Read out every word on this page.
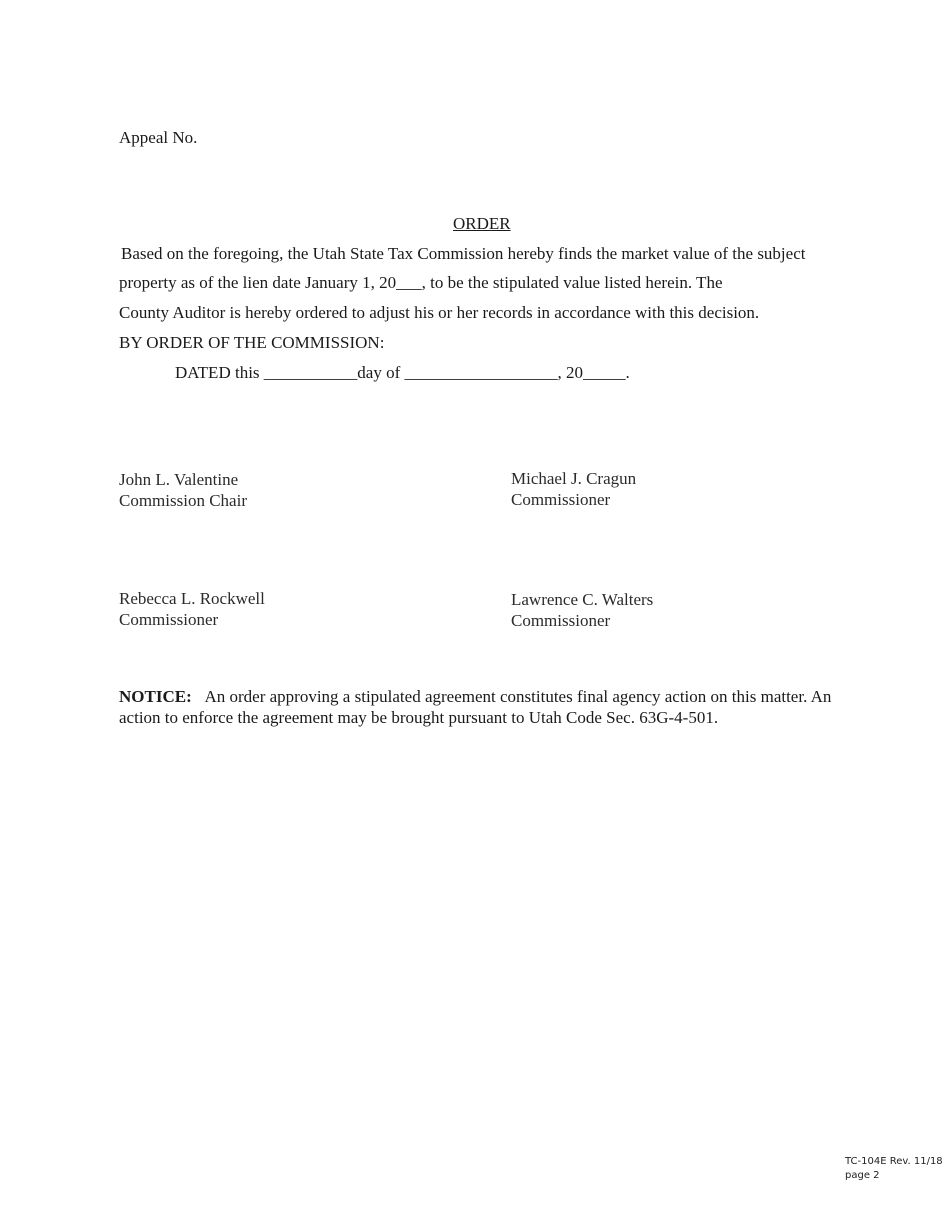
Appeal No.
ORDER
Based on the foregoing, the Utah State Tax Commission hereby finds the market value of the subject
property as of the lien date January 1, 20___, to be the stipulated value listed herein. The
County Auditor is hereby ordered to adjust his or her records in accordance with this decision.
BY ORDER OF THE COMMISSION:
DATED this ___________day of __________________, 20_____.
John L. Valentine
Commission Chair
Michael J. Cragun
Commissioner
Rebecca L. Rockwell
Commissioner
Lawrence C. Walters
Commissioner
NOTICE: An order approving a stipulated agreement constitutes final agency action on this matter. An action to enforce the agreement may be brought pursuant to Utah Code Sec. 63G-4-501.
TC-104E Rev. 11/18
page 2
